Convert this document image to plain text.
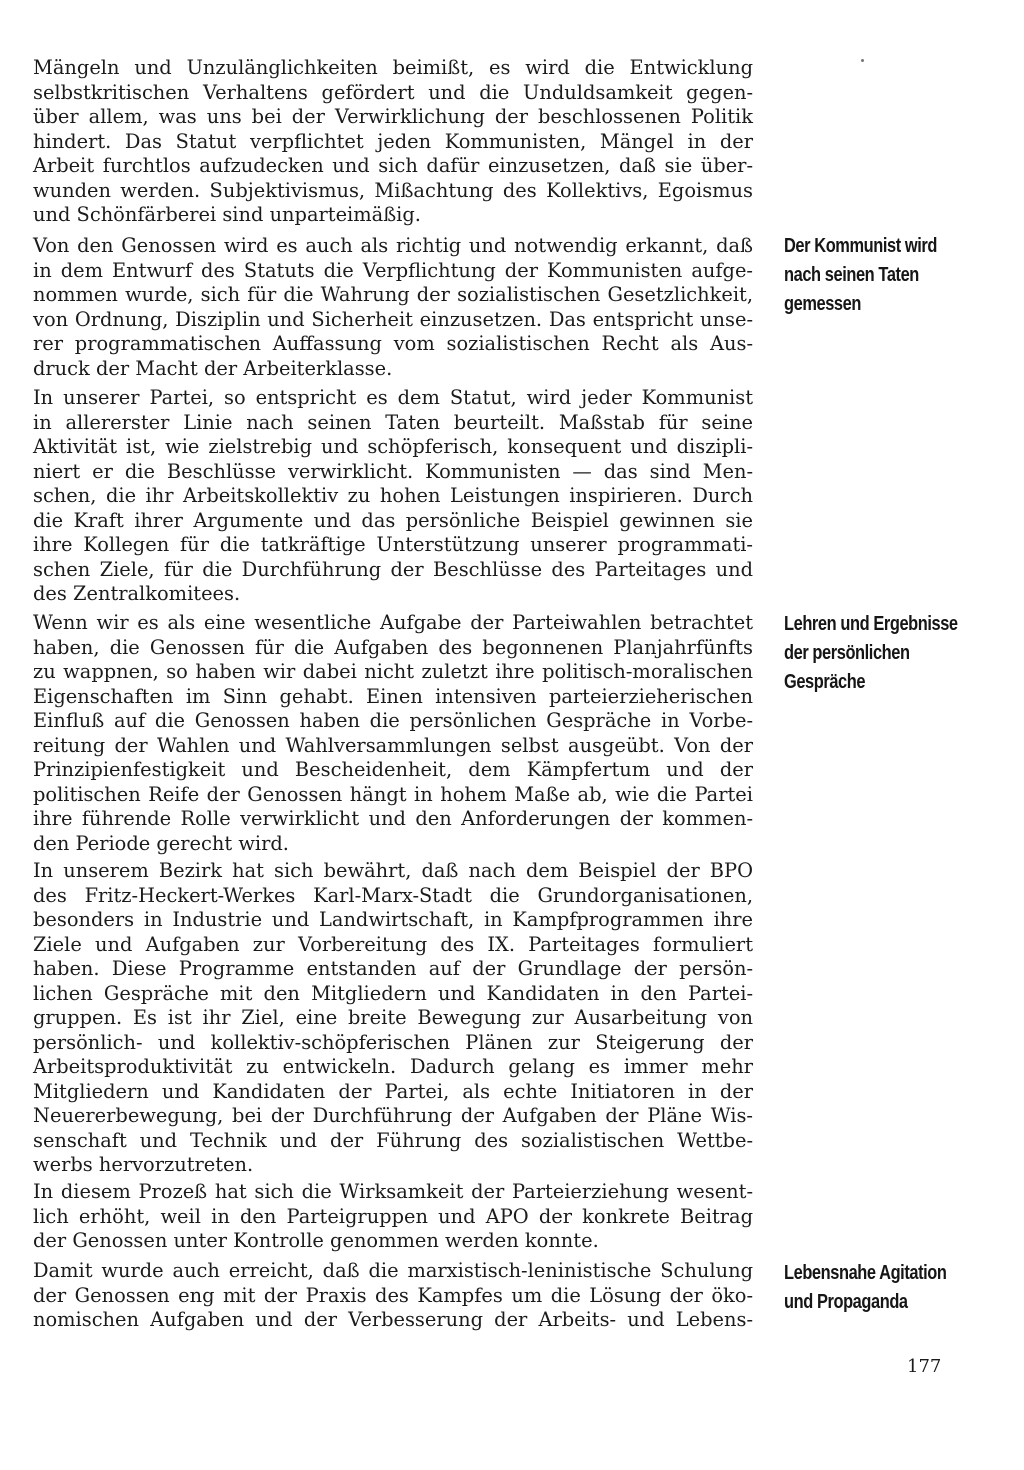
Mängeln und Unzulänglichkeiten beimißt, es wird die Entwicklung
selbstkritischen Verhaltens gefördert und die Unduldsamkeit gegen-
über allem, was uns bei der Verwirklichung der beschlossenen Politik
hindert. Das Statut verpflichtet jeden Kommunisten, Mängel in der
Arbeit furchtlos aufzudecken und sich dafür einzusetzen, daß sie über-
wunden werden. Subjektivismus, Mißachtung des Kollektivs, Egoismus
und Schönfärberei sind unparteimäßig.

Von den Genossen wird es auch als richtig und notwendig erkannt, daß
in dem Entwurf des Statuts die Verpflichtung der Kommunisten aufge-
nommen wurde, sich für die Wahrung der sozialistischen Gesetzlichkeit,
von Ordnung, Disziplin und Sicherheit einzusetzen. Das entspricht unse-
rer programmatischen Auffassung vom sozialistischen Recht als Aus-
druck der Macht der Arbeiterklasse.

In unserer Partei, so entspricht es dem Statut, wird jeder Kommunist
in allererster Linie nach seinen Taten beurteilt. Maßstab für seine
Aktivität ist, wie zielstrebig und schöpferisch, konsequent und diszipli-
niert er die Beschlüsse verwirklicht. Kommunisten — das sind Men-
schen, die ihr Arbeitskollektiv zu hohen Leistungen inspirieren. Durch
die Kraft ihrer Argumente und das persönliche Beispiel gewinnen sie
ihre Kollegen für die tatkräftige Unterstützung unserer programmati-
schen Ziele, für die Durchführung der Beschlüsse des Parteitages und
des Zentralkomitees.

Wenn wir es als eine wesentliche Aufgabe der Parteiwahlen betrachtet
haben, die Genossen für die Aufgaben des begonnenen Planjahrfünfts
zu wappnen, so haben wir dabei nicht zuletzt ihre politisch-moralischen
Eigenschaften im Sinn gehabt. Einen intensiven parteierzieherischen
Einfluß auf die Genossen haben die persönlichen Gespräche in Vorbe-
reitung der Wahlen und Wahlversammlungen selbst ausgeübt. Von der
Prinzipienfestigkeit und Bescheidenheit, dem Kämpfertum und der
politischen Reife der Genossen hängt in hohem Maße ab, wie die Partei
ihre führende Rolle verwirklicht und den Anforderungen der kommen-
den Periode gerecht wird.

In unserem Bezirk hat sich bewährt, daß nach dem Beispiel der BPO
des Fritz-Heckert-Werkes Karl-Marx-Stadt die Grundorganisationen,
besonders in Industrie und Landwirtschaft, in Kampfprogrammen ihre
Ziele und Aufgaben zur Vorbereitung des IX. Parteitages formuliert
haben. Diese Programme entstanden auf der Grundlage der persön-
lichen Gespräche mit den Mitgliedern und Kandidaten in den Partei-
gruppen. Es ist ihr Ziel, eine breite Bewegung zur Ausarbeitung von
persönlich- und kollektiv-schöpferischen Plänen zur Steigerung der
Arbeitsproduktivität zu entwickeln. Dadurch gelang es immer mehr
Mitgliedern und Kandidaten der Partei, als echte Initiatoren in der
Neuererbewegung, bei der Durchführung der Aufgaben der Pläne Wis-
senschaft und Technik und der Führung des sozialistischen Wettbe-
werbs hervorzutreten.

In diesem Prozeß hat sich die Wirksamkeit der Parteierziehung wesent-
lich erhöht, weil in den Parteigruppen und APO der konkrete Beitrag
der Genossen unter Kontrolle genommen werden konnte.

Damit wurde auch erreicht, daß die marxistisch-leninistische Schulung
der Genossen eng mit der Praxis des Kampfes um die Lösung der öko-
nomischen Aufgaben und der Verbesserung der Arbeits- und Lebens-

Der Kommunist wird
nach seinen Taten
gemessen

Lehren und Ergebnisse
der persönlichen
Gespräche

Lebensnahe Agitation
und Propaganda

177
